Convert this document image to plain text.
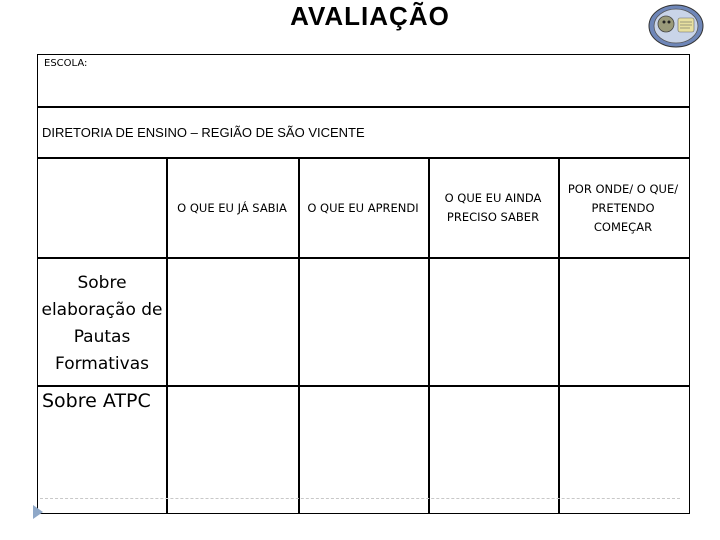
AVALIAÇÃO
ESCOLA:
DIRETORIA DE ENSINO – REGIÃO DE SÃO VICENTE
O QUE EU JÁ SABIA	O QUE EU APRENDI
O QUE EU AINDA PRECISO SABER
POR ONDE/ O QUE/ PRETENDO COMEÇAR
Sobre elaboração de Pautas Formativas
Sobre ATPC
